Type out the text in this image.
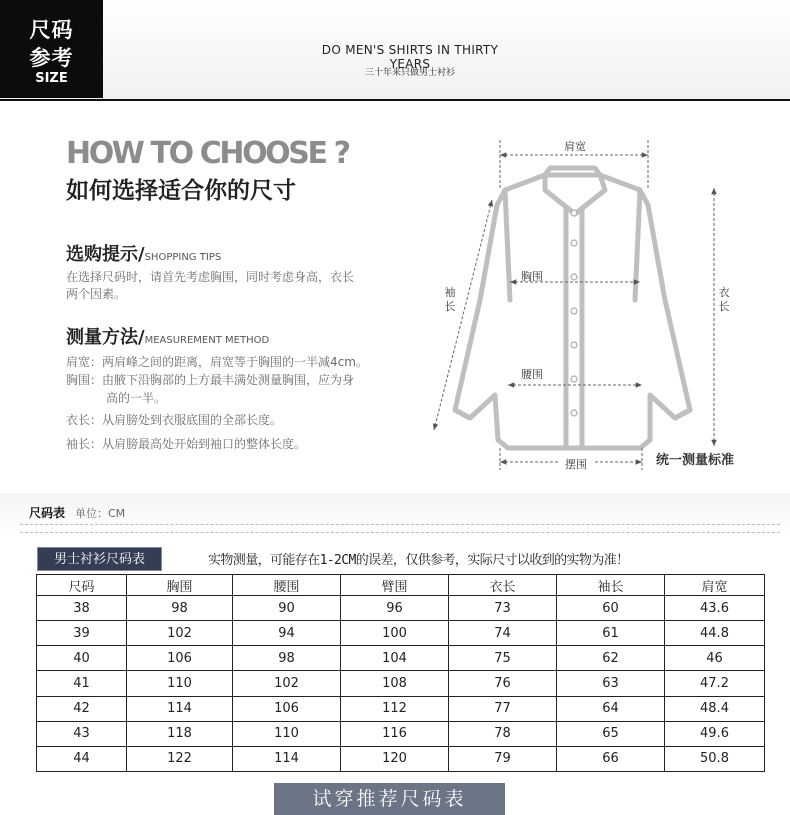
尺码
参考
SIZE
DO MEN'S SHIRTS IN THIRTY YEARS
三十年来只做男士衬衫
HOW TO CHOOSE ?
如何选择适合你的尺寸
选购提示/SHOPPING TIPS
在选择尺码时，请首先考虑胸围，同时考虑身高，衣长
两个因素。
测量方法/MEASUREMENT METHOD
肩宽：两肩峰之间的距离，肩宽等于胸围的一半减4cm。
胸围：由腋下沿胸部的上方最丰满处测量胸围，应为身
高的一半。
衣长：从肩膀处到衣服底围的全部长度。
袖长：从肩膀最高处开始到袖口的整体长度。
肩宽
胸围
腰围
摆围
衣
长
袖
长
统一测量标准
尺码表 单位：CM
男士衬衫尺码表	实物测量，可能存在1-2CM的误差，仅供参考，实际尺寸以收到的实物为准！
尺码	胸围	腰围	臂围	衣长	袖长	肩宽
38	98	90	96	73	60	43.6
39	102	94	100	74	61	44.8
40	106	98	104	75	62	46
41	110	102	108	76	63	47.2
42	114	106	112	77	64	48.4
43	118	110	116	78	65	49.6
44	122	114	120	79	66	50.8
试穿推荐尺码表
